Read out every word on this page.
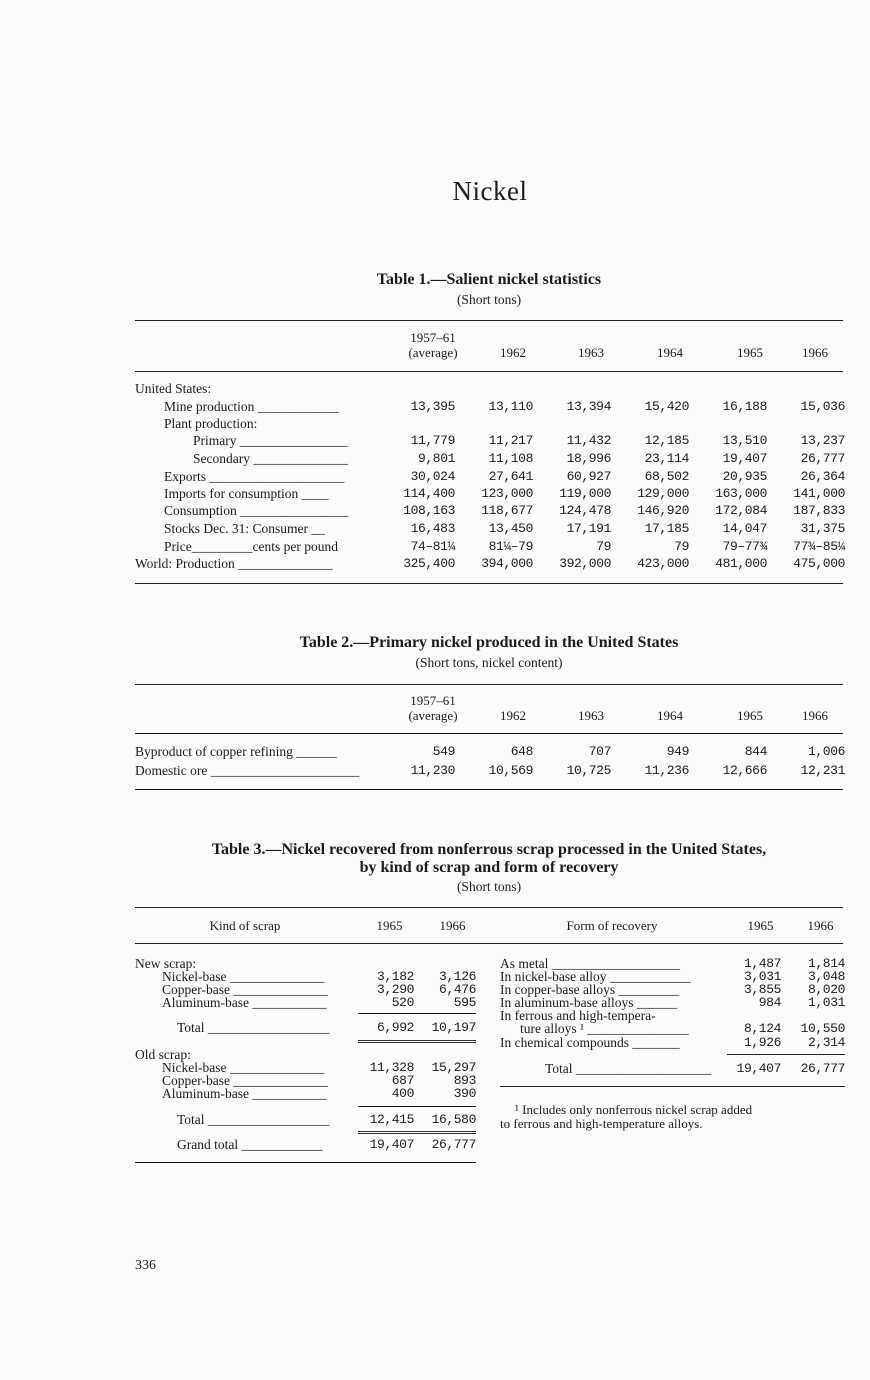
Nickel
Table 1.—Salient nickel statistics
(Short tons)
1957–61
(average)	1962	1963	1964	1965	1966
United States:
Mine production ____________	13,395	13,110	13,394	15,420	16,188	15,036
Plant production:
Primary ________________	11,779	11,217	11,432	12,185	13,510	13,237
Secondary ______________	9,801	11,108	18,996	23,114	19,407	26,777
Exports ____________________	30,024	27,641	60,927	68,502	20,935	26,364
Imports for consumption ____	114,400	123,000	119,000	129,000	163,000	141,000
Consumption ________________	108,163	118,677	124,478	146,920	172,084	187,833
Stocks Dec. 31: Consumer __	16,483	13,450	17,191	17,185	14,047	31,375
Price_________cents per pound	74–81¼	81¼–79	79	79	79–77¾	77¾–85¼
World: Production ______________	325,400	394,000	392,000	423,000	481,000	475,000
Table 2.—Primary nickel produced in the United States
(Short tons, nickel content)
1957–61
(average)	1962	1963	1964	1965	1966
Byproduct of copper refining ______	549	648	707	949	844	1,006
Domestic ore ______________________	11,230	10,569	10,725	11,236	12,666	12,231
Table 3.—Nickel recovered from nonferrous scrap processed in the United States,
by kind of scrap and form of recovery
(Short tons)
Kind of scrap	1965	1966	Form of recovery	1965	1966
New scrap:
Nickel-base ______________	3,182	3,126
Copper-base ______________	3,290	6,476
Aluminum-base ___________	520	595
Total __________________	6,992	10,197
Old scrap:
Nickel-base ______________	11,328	15,297
Copper-base ______________	687	893
Aluminum-base ___________	400	390
Total __________________	12,415	16,580
Grand total ____________	19,407	26,777
As metal ___________________	1,487	1,814
In nickel-base alloy ____________	3,031	3,048
In copper-base alloys _________	3,855	8,020
In aluminum-base alloys ______	984	1,031
In ferrous and high-tempera-
ture alloys ¹ _______________	8,124	10,550
In chemical compounds _______	1,926	2,314
Total ____________________	19,407	26,777
¹ Includes only nonferrous nickel scrap added
to ferrous and high-temperature alloys.
336
